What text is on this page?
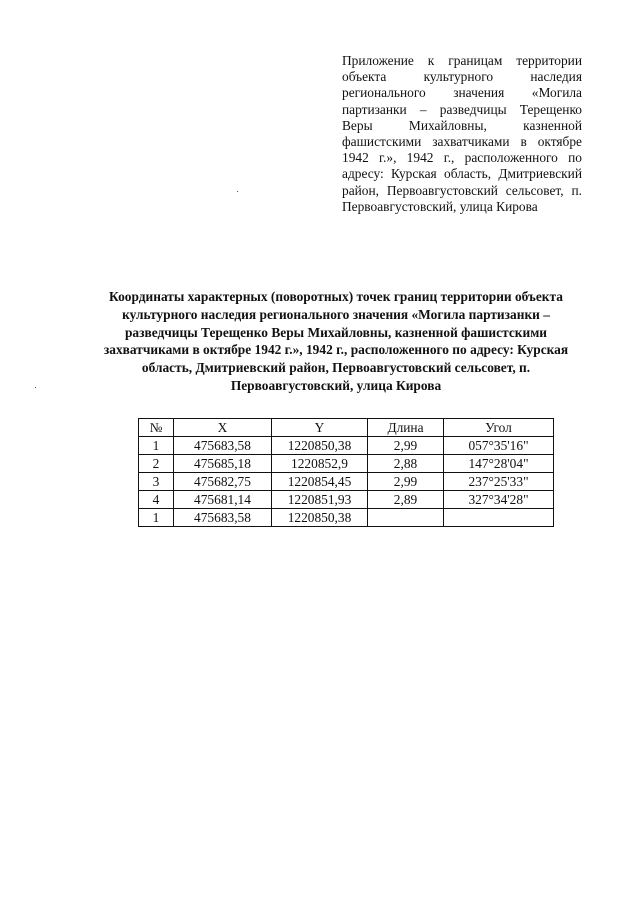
Приложение к границам территории объекта культурного наследия регионального значения «Могила партизанки – разведчицы Терещенко Веры Михайловны, казненной фашистскими захватчиками в октябре 1942 г.», 1942 г., расположенного по адресу: Курская область, Дмитриевский район, Первоавгустовский сельсовет, п. Первоавгустовский, улица Кирова
Координаты характерных (поворотных) точек границ территории объекта культурного наследия регионального значения «Могила партизанки – разведчицы Терещенко Веры Михайловны, казненной фашистскими захватчиками в октябре 1942 г.», 1942 г., расположенного по адресу: Курская область, Дмитриевский район, Первоавгустовский сельсовет, п. Первоавгустовский, улица Кирова
№	X	Y	Длина	Угол
1	475683,58	1220850,38	2,99	057°35'16"
2	475685,18	1220852,9	2,88	147°28'04"
3	475682,75	1220854,45	2,99	237°25'33"
4	475681,14	1220851,93	2,89	327°34'28"
1	475683,58	1220850,38		
